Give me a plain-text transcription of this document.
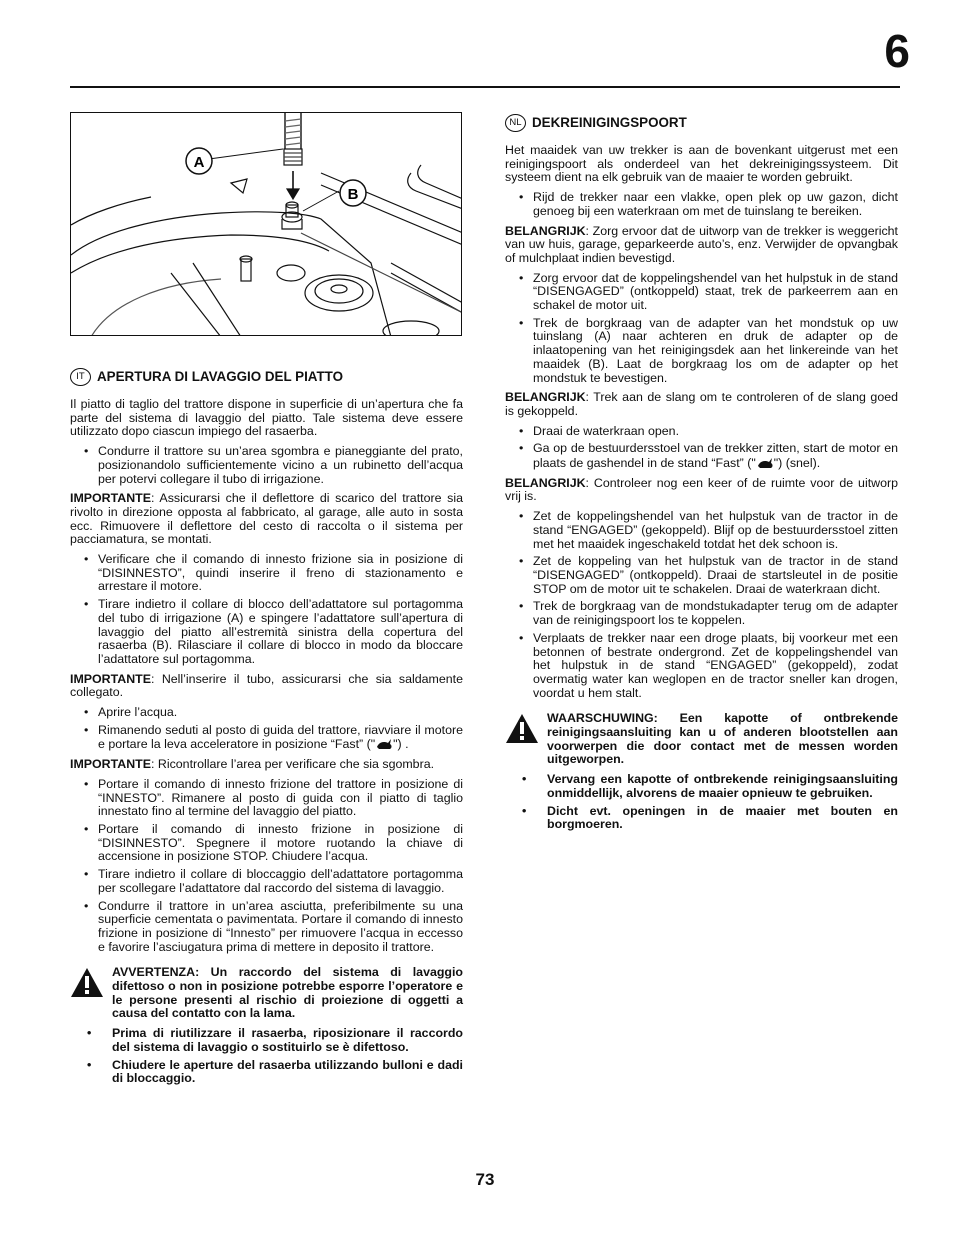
6
A
B
IT APERTURA DI LAVAGGIO DEL PIATTO

Il piatto di taglio del trattore dispone in superficie di un’apertura che fa parte del sistema di lavaggio del piatto. Tale sistema deve essere utilizzato dopo ciascun impiego del rasaerba.

• Condurre il trattore su un’area sgombra e pianeggiante del prato, posizionandolo sufficientemente vicino a un rubinetto dell’acqua per potervi collegare il tubo di irrigazione.

IMPORTANTE: Assicurarsi che il deflettore di scarico del trattore sia rivolto in direzione opposta al fabbricato, al garage, alle auto in sosta ecc. Rimuovere il deflettore del cesto di raccolta o il sistema per pacciamatura, se montati.

• Verificare che il comando di innesto frizione sia in posizione di “DISINNESTO”, quindi inserire il freno di stazionamento e arrestare il motore.
• Tirare indietro il collare di blocco dell’adattatore sul portagomma del tubo di irrigazione (A) e spingere l’adattatore sull’apertura di lavaggio del piatto all’estremità sinistra della copertura del rasaerba (B). Rilasciare il collare di blocco in modo da bloccare l’adattatore sul portagomma.

IMPORTANTE: Nell’inserire il tubo, assicurarsi che sia saldamente collegato.

• Aprire l’acqua.
• Rimanendo seduti al posto di guida del trattore, riavviare il motore e portare la leva acceleratore in posizione “Fast” (" ") .

IMPORTANTE: Ricontrollare l’area per verificare che sia sgombra.

• Portare il comando di innesto frizione del trattore in posizione di “INNESTO”. Rimanere al posto di guida con il piatto di taglio innestato fino al termine del lavaggio del piatto.
• Portare il comando di innesto frizione in posizione di “DISINNESTO”. Spegnere il motore ruotando la chiave di accensione in posizione STOP. Chiudere l’acqua.
• Tirare indietro il collare di bloccaggio dell’adattatore portagomma per scollegare l’adattatore dal raccordo del sistema di lavaggio.
• Condurre il trattore in un’area asciutta, preferibilmente su una superficie cementata o pavimentata. Portare il comando di innesto frizione in posizione di “Innesto” per rimuovere l’acqua in eccesso e favorire l’asciugatura prima di mettere in deposito il trattore.

AVVERTENZA: Un raccordo del sistema di lavaggio difettoso o non in posizione potrebbe esporre l’operatore e le persone presenti al rischio di proiezione di oggetti a causa del contatto con la lama.

• Prima di riutilizzare il rasaerba, riposizionare il raccordo del sistema di lavaggio o sostituirlo se è difettoso.
• Chiudere le aperture del rasaerba utilizzando bulloni e dadi di bloccaggio.
NL DEKREINIGINGSPOORT

Het maaidek van uw trekker is aan de bovenkant uitgerust met een reinigingspoort als onderdeel van het dekreinigingssysteem. Dit systeem dient na elk gebruik van de maaier te worden gebruikt.

• Rijd de trekker naar een vlakke, open plek op uw gazon, dicht genoeg bij een waterkraan om met de tuinslang te bereiken.

BELANGRIJK: Zorg ervoor dat de uitworp van de trekker is weggericht van uw huis, garage, geparkeerde auto’s, enz. Verwijder de opvangbak of mulchplaat indien bevestigd.

• Zorg ervoor dat de koppelingshendel van het hulpstuk in de stand “DISENGAGED” (ontkoppeld) staat, trek de parkeerrem aan en schakel de motor uit.
• Trek de borgkraag van de adapter van het mondstuk op uw tuinslang (A) naar achteren en druk de adapter op de inlaatopening van het reinigingsdek aan het linkereinde van het maaidek (B). Laat de borgkraag los om de adapter op het mondstuk te bevestigen.

BELANGRIJK: Trek aan de slang om te controleren of de slang goed is gekoppeld.

• Draai de waterkraan open.
• Ga op de bestuurdersstoel van de trekker zitten, start de motor en plaats de gashendel in de stand “Fast” (" ") (snel).

BELANGRIJK: Controleer nog een keer of de ruimte voor de uitworp vrij is.

• Zet de koppelingshendel van het hulpstuk van de tractor in de stand “ENGAGED” (gekoppeld). Blijf op de bestuurdersstoel zitten met het maaidek ingeschakeld totdat het dek schoon is.
• Zet de koppeling van het hulpstuk van de tractor in de stand “DISENGAGED” (ontkoppeld). Draai de startsleutel in de positie STOP om de motor uit te schakelen. Draai de waterkraan dicht.
• Trek de borgkraag van de mondstukadapter terug om de adapter van de reinigingspoort los te koppelen.
• Verplaats de trekker naar een droge plaats, bij voorkeur met een betonnen of bestrate ondergrond. Zet de koppelingshendel van het hulpstuk in de stand “ENGAGED” (gekoppeld), zodat overmatig water kan weglopen en de tractor sneller kan drogen, voordat u hem stalt.

WAARSCHUWING: Een kapotte of ontbrekende reinigingsaansluiting kan u of anderen blootstellen aan voorwerpen die door contact met de messen worden uitgeworpen.

• Vervang een kapotte of ontbrekende reinigingsaansluiting onmiddellijk, alvorens de maaier opnieuw te gebruiken.
• Dicht evt. openingen in de maaier met bouten en borgmoeren.
73
